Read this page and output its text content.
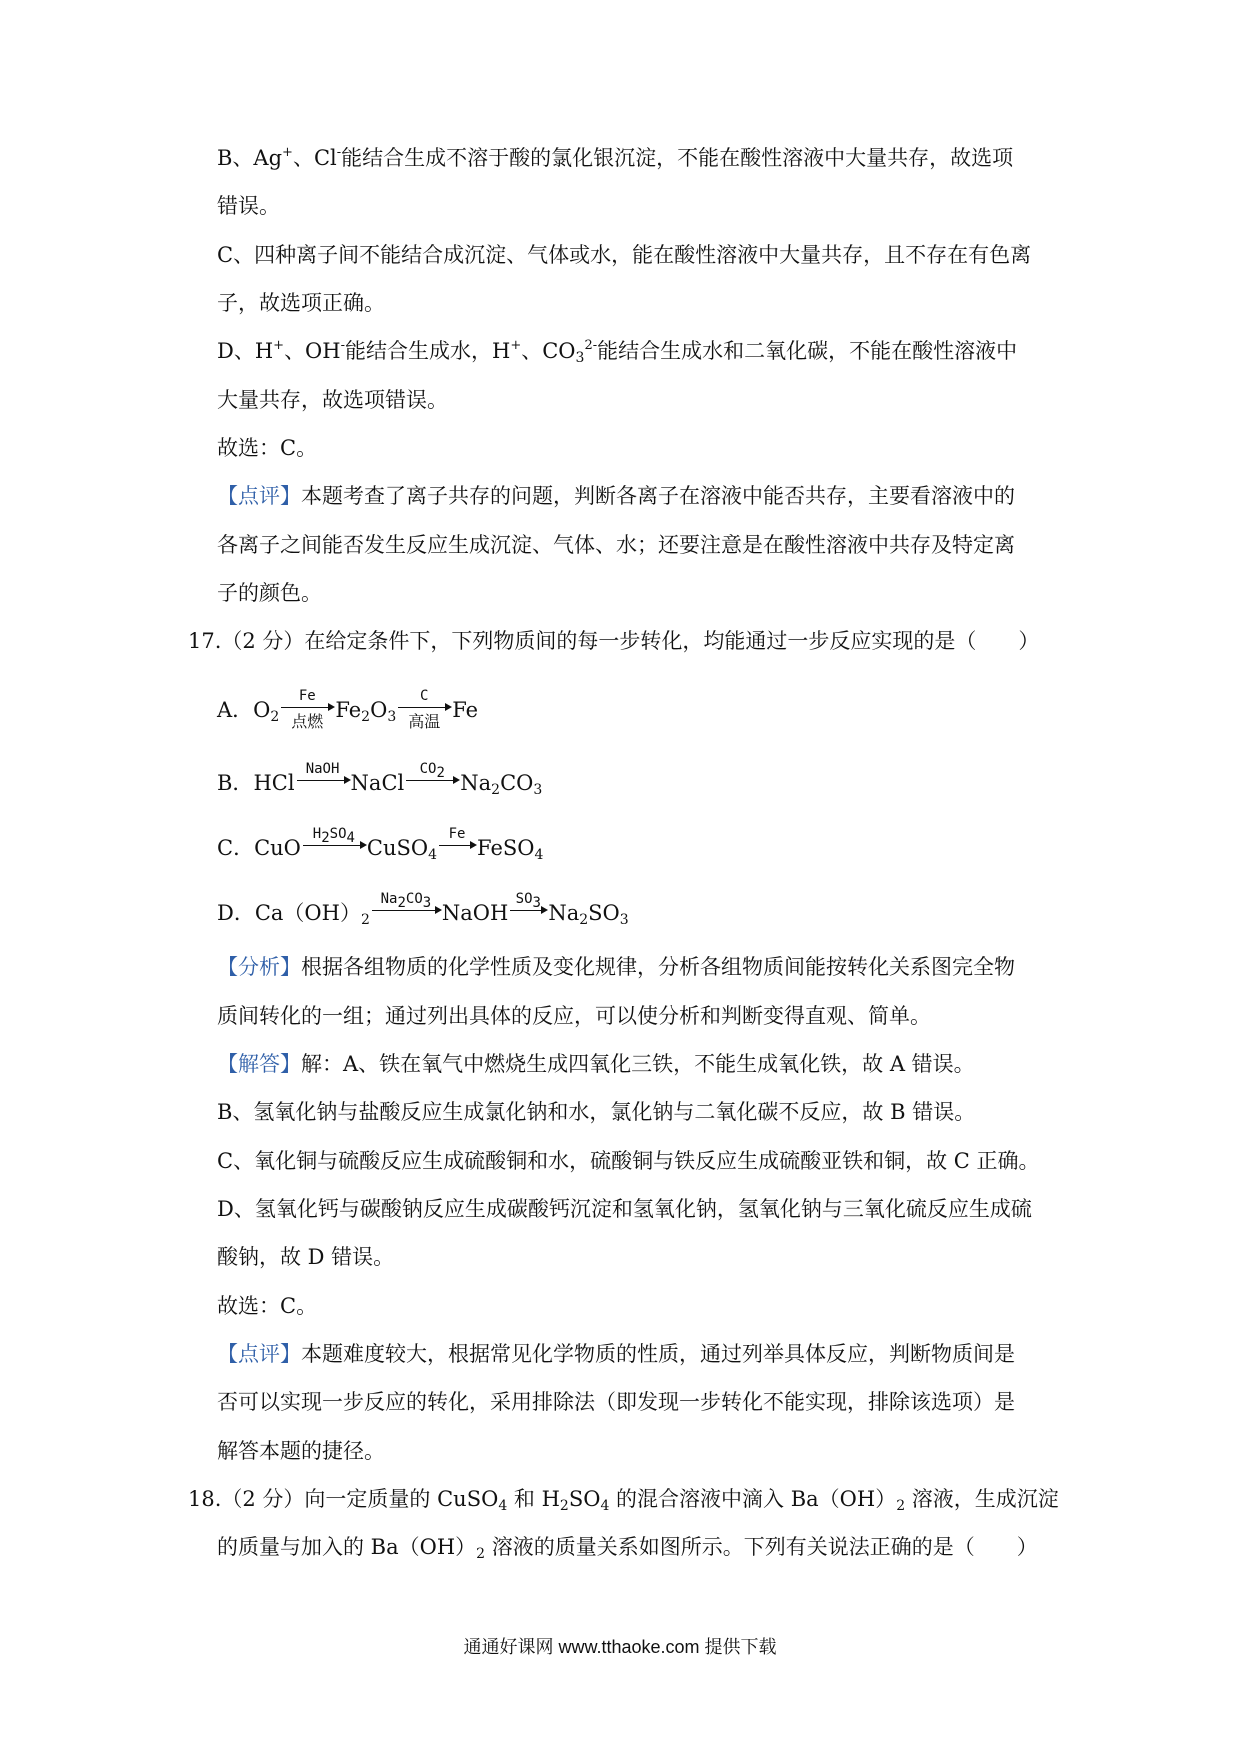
B、Ag+、Cl-能结合生成不溶于酸的氯化银沉淀，不能在酸性溶液中大量共存，故选项
错误。
C、四种离子间不能结合成沉淀、气体或水，能在酸性溶液中大量共存，且不存在有色离
子，故选项正确。
D、H+、OH-能结合生成水，H+、$CO_3^{2-}$能结合生成水和二氧化碳，不能在酸性溶液中
大量共存，故选项错误。
故选：C。
【点评】本题考查了离子共存的问题，判断各离子在溶液中能否共存，主要看溶液中的
各离子之间能否发生反应生成沉淀、气体、水；还要注意是在酸性溶液中共存及特定离
子的颜色。
17.（2 分）在给定条件下，下列物质间的每一步转化，均能通过一步反应实现的是（　　）
A．$O_2$
Fe
点燃 $Fe_2O_3$
C
高温 Fe
B．HCl
NaOH
NaCl
$CO_2$ $Na_2CO_3$
C．CuO
$H_2SO_4$ CuSO$_4$
Fe
FeSO$_4$
D．$Ca(OH)_2$
$Na_2CO_3$ NaOH
$SO_3$ $Na_2SO_3$
【分析】根据各组物质的化学性质及变化规律，分析各组物质间能按转化关系图完全物
质间转化的一组；通过列出具体的反应，可以使分析和判断变得直观、简单。
【解答】解：A、铁在氧气中燃烧生成四氧化三铁，不能生成氧化铁，故 A 错误。
B、氢氧化钠与盐酸反应生成氯化钠和水，氯化钠与二氧化碳不反应，故 B 错误。
C、氧化铜与硫酸反应生成硫酸铜和水，硫酸铜与铁反应生成硫酸亚铁和铜，故 C 正确。
D、氢氧化钙与碳酸钠反应生成碳酸钙沉淀和氢氧化钠，氢氧化钠与三氧化硫反应生成硫
酸钠，故 D 错误。
故选：C。
【点评】本题难度较大，根据常见化学物质的性质，通过列举具体反应，判断物质间是
否可以实现一步反应的转化，采用排除法（即发现一步转化不能实现，排除该选项）是
解答本题的捷径。
18.（2 分）向一定质量的 CuSO$_4$ 和 $H_2SO_4$ 的混合溶液中滴入 $Ba(OH)_2$ 溶液，生成沉淀
的质量与加入的 $Ba(OH)_2$ 溶液的质量关系如图所示。下列有关说法正确的是（　　）
通通好课网 www.tthaoke.com 提供下载
